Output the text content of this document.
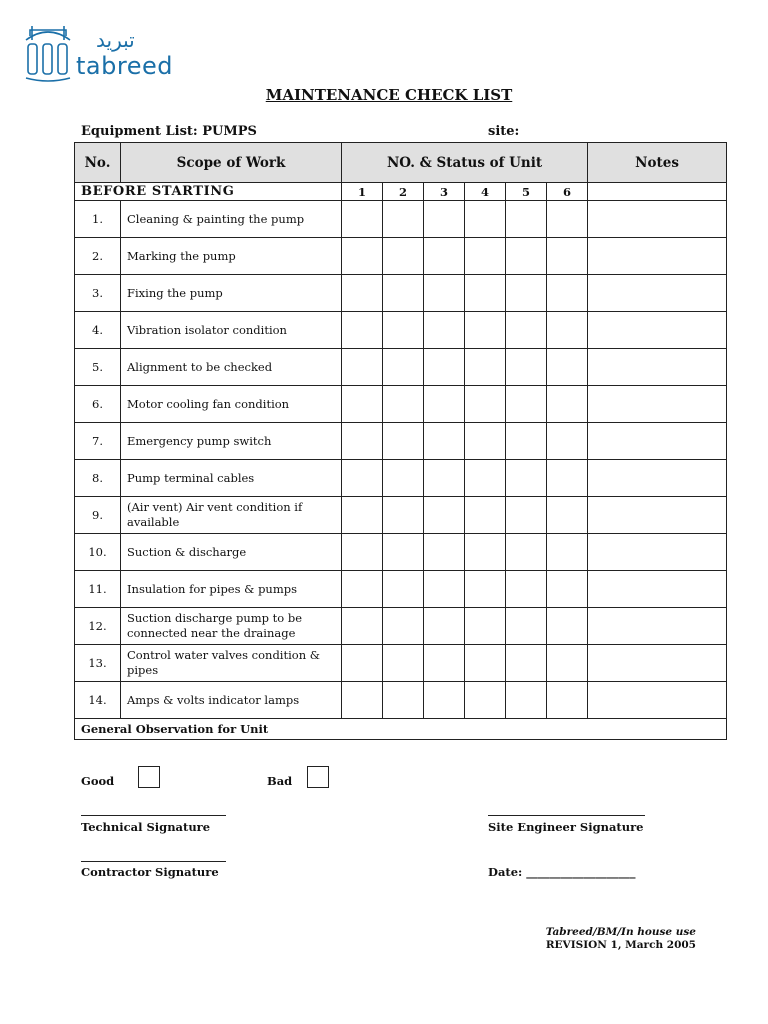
تبريد
tabreed
MAINTENANCE CHECK LIST
Equipment List: PUMPS	site:
No.	Scope of Work	NO. & Status of Unit						Notes
BEFORE STARTING		1	2	3	4	5	6	
1.	Cleaning & painting the pump							
2.	Marking the pump							
3.	Fixing the pump							
4.	Vibration isolator condition							
5.	Alignment to be checked							
6.	Motor cooling fan condition							
7.	Emergency pump switch							
8.	Pump terminal cables							
9.	(Air vent) Air vent condition if available							
10.	Suction & discharge							
11.	Insulation for pipes & pumps							
12.	Suction discharge pump to be connected near the drainage							
13.	Control water valves condition & pipes							
14.	Amps & volts indicator lamps							
General Observation for Unit								
Good	Bad
Technical Signature	Site Engineer Signature
Contractor Signature	Date: ___________________
Tabreed/BM/In house use
REVISION 1, March 2005
